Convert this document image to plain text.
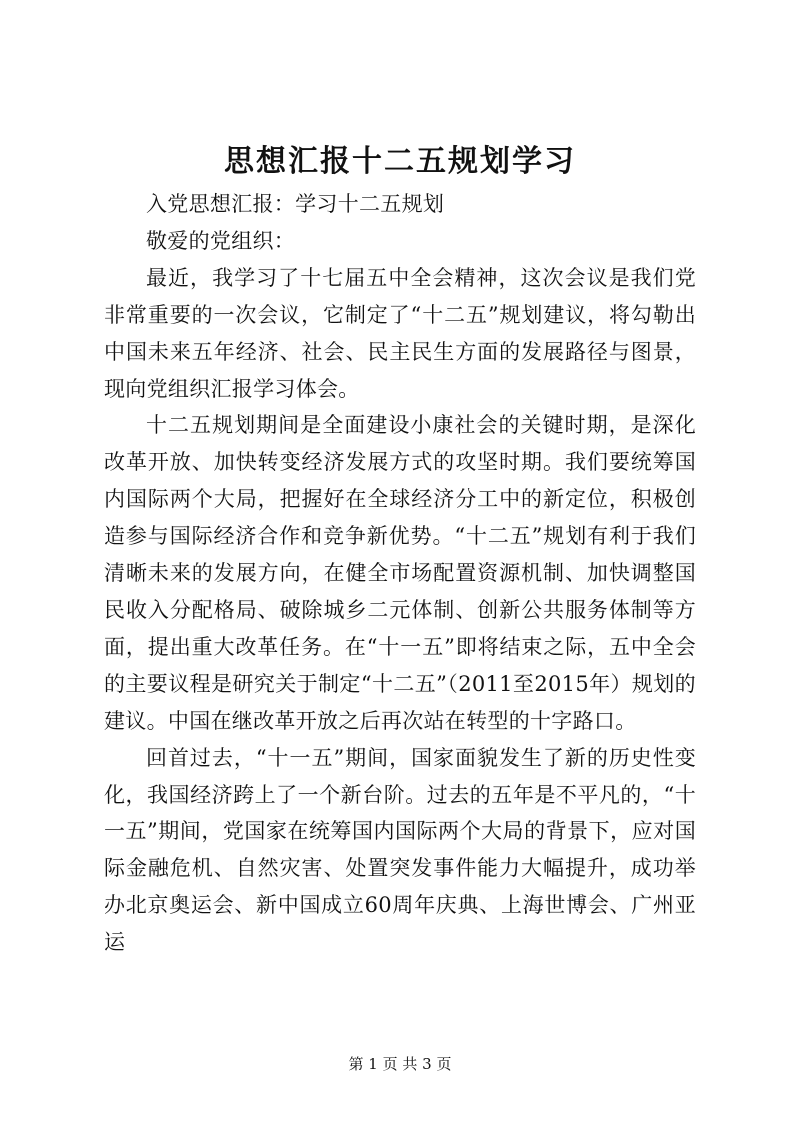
思想汇报十二五规划学习

入党思想汇报：学习十二五规划

敬爱的党组织：

最近，我学习了十七届五中全会精神，这次会议是我们党非常重要的一次会议，它制定了“十二五”规划建议，将勾勒出中国未来五年经济、社会、民主民生方面的发展路径与图景，现向党组织汇报学习体会。

十二五规划期间是全面建设小康社会的关键时期，是深化改革开放、加快转变经济发展方式的攻坚时期。我们要统筹国内国际两个大局，把握好在全球经济分工中的新定位，积极创造参与国际经济合作和竞争新优势。“十二五”规划有利于我们清晰未来的发展方向，在健全市场配置资源机制、加快调整国民收入分配格局、破除城乡二元体制、创新公共服务体制等方面，提出重大改革任务。在“十一五”即将结束之际，五中全会的主要议程是研究关于制定“十二五”（2011至2015年）规划的建议。中国在继改革开放之后再次站在转型的十字路口。

回首过去，“十一五”期间，国家面貌发生了新的历史性变化，我国经济跨上了一个新台阶。过去的五年是不平凡的，“十一五”期间，党国家在统筹国内国际两个大局的背景下，应对国际金融危机、自然灾害、处置突发事件能力大幅提升，成功举办北京奥运会、新中国成立60周年庆典、上海世博会、广州亚运

第 1 页 共 3 页
